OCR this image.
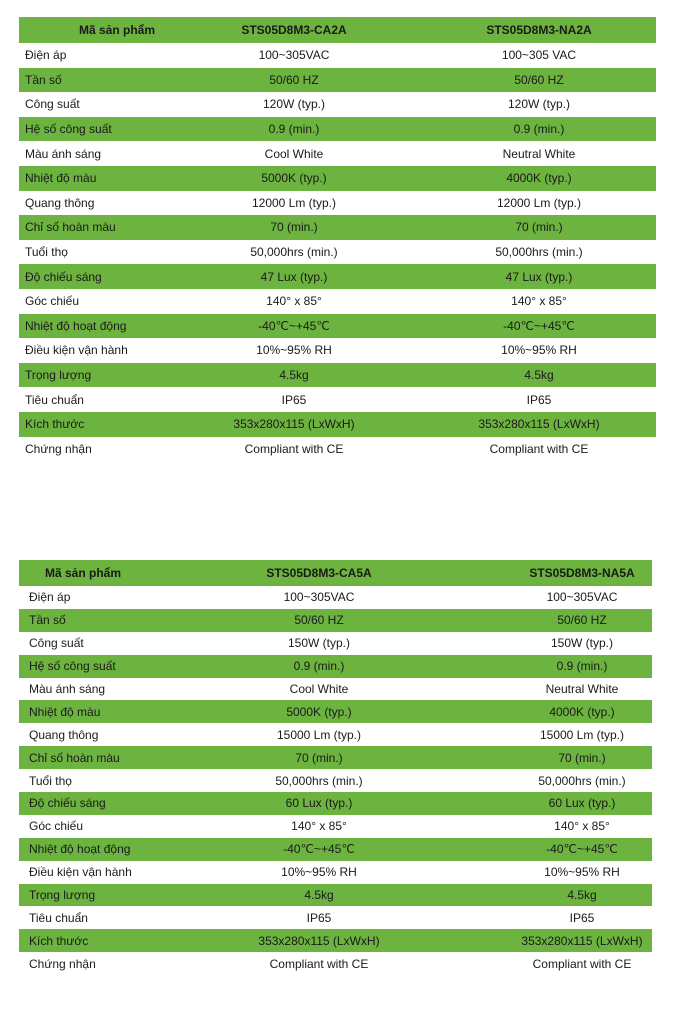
Mã sản phẩm	STS05D8M3-CA2A	STS05D8M3-NA2A
Điện áp	100~305VAC	100~305 VAC
Tần số	50/60 HZ	50/60 HZ
Công suất	120W (typ.)	120W (typ.)
Hệ số công suất	0.9 (min.)	0.9 (min.)
Màu ánh sáng	Cool White	Neutral White
Nhiệt độ màu	5000K (typ.)	4000K (typ.)
Quang thông	12000 Lm (typ.)	12000 Lm (typ.)
Chỉ số hoàn màu	70 (min.)	70 (min.)
Tuổi thọ	50,000hrs (min.)	50,000hrs (min.)
Độ chiếu sáng	47 Lux (typ.)	47 Lux (typ.)
Góc chiếu	140° x 85°	140° x 85°
Nhiệt độ hoạt động	-40℃~+45℃	-40℃~+45℃
Điều kiện vận hành	10%~95% RH	10%~95% RH
Trọng lượng	4.5kg	4.5kg
Tiêu chuẩn	IP65	IP65
Kích thước	353x280x115 (LxWxH)	353x280x115 (LxWxH)
Chứng nhận	Compliant with CE	Compliant with CE
Mã sản phẩm	STS05D8M3-CA5A	STS05D8M3-NA5A
Điện áp	100~305VAC	100~305VAC
Tần số	50/60 HZ	50/60 HZ
Công suất	150W (typ.)	150W (typ.)
Hệ số công suất	0.9 (min.)	0.9 (min.)
Màu ánh sáng	Cool White	Neutral White
Nhiệt độ màu	5000K (typ.)	4000K (typ.)
Quang thông	15000 Lm (typ.)	15000 Lm (typ.)
Chỉ số hoàn màu	70 (min.)	70 (min.)
Tuổi thọ	50,000hrs (min.)	50,000hrs (min.)
Độ chiếu sáng	60 Lux (typ.)	60 Lux (typ.)
Góc chiếu	140° x 85°	140° x 85°
Nhiệt độ hoạt động	-40℃~+45℃	-40℃~+45℃
Điều kiện vận hành	10%~95% RH	10%~95% RH
Trọng lượng	4.5kg	4.5kg
Tiêu chuẩn	IP65	IP65
Kích thước	353x280x115 (LxWxH)	353x280x115 (LxWxH)
Chứng nhận	Compliant with CE	Compliant with CE
